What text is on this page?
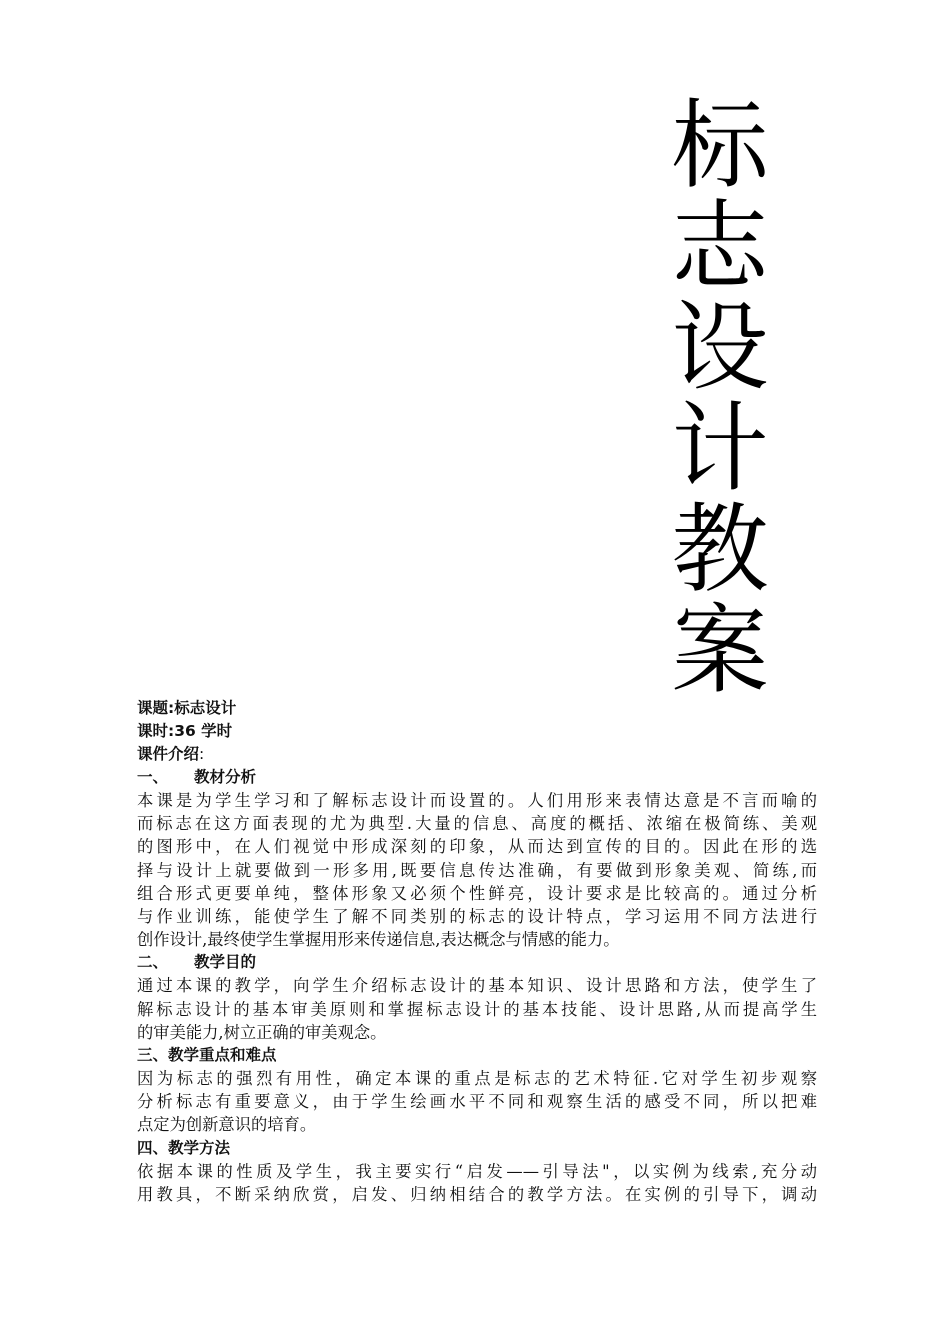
标
志
设
计
教
案
课题:标志设计
课时:36 学时
课件介绍:
一、 教材分析
本课是为学生学习和了解标志设计而设置的。人们用形来表情达意是不言而喻的
而标志在这方面表现的尤为典型.大量的信息、高度的概括、浓缩在极简练、美观
的图形中，在人们视觉中形成深刻的印象，从而达到宣传的目的。因此在形的选
择与设计上就要做到一形多用,既要信息传达准确，有要做到形象美观、简练,而
组合形式更要单纯，整体形象又必须个性鲜亮，设计要求是比较高的。通过分析
与作业训练，能使学生了解不同类别的标志的设计特点，学习运用不同方法进行
创作设计,最终使学生掌握用形来传递信息,表达概念与情感的能力。
二、 教学目的
通过本课的教学，向学生介绍标志设计的基本知识、设计思路和方法，使学生了
解标志设计的基本审美原则和掌握标志设计的基本技能、设计思路,从而提高学生
的审美能力,树立正确的审美观念。
三、教学重点和难点
因为标志的强烈有用性，确定本课的重点是标志的艺术特征.它对学生初步观察
分析标志有重要意义，由于学生绘画水平不同和观察生活的感受不同，所以把难
点定为创新意识的培育。
四、教学方法
依据本课的性质及学生，我主要实行“启发——引导法"，以实例为线索,充分动
用教具，不断采纳欣赏，启发、归纳相结合的教学方法。在实例的引导下，调动
